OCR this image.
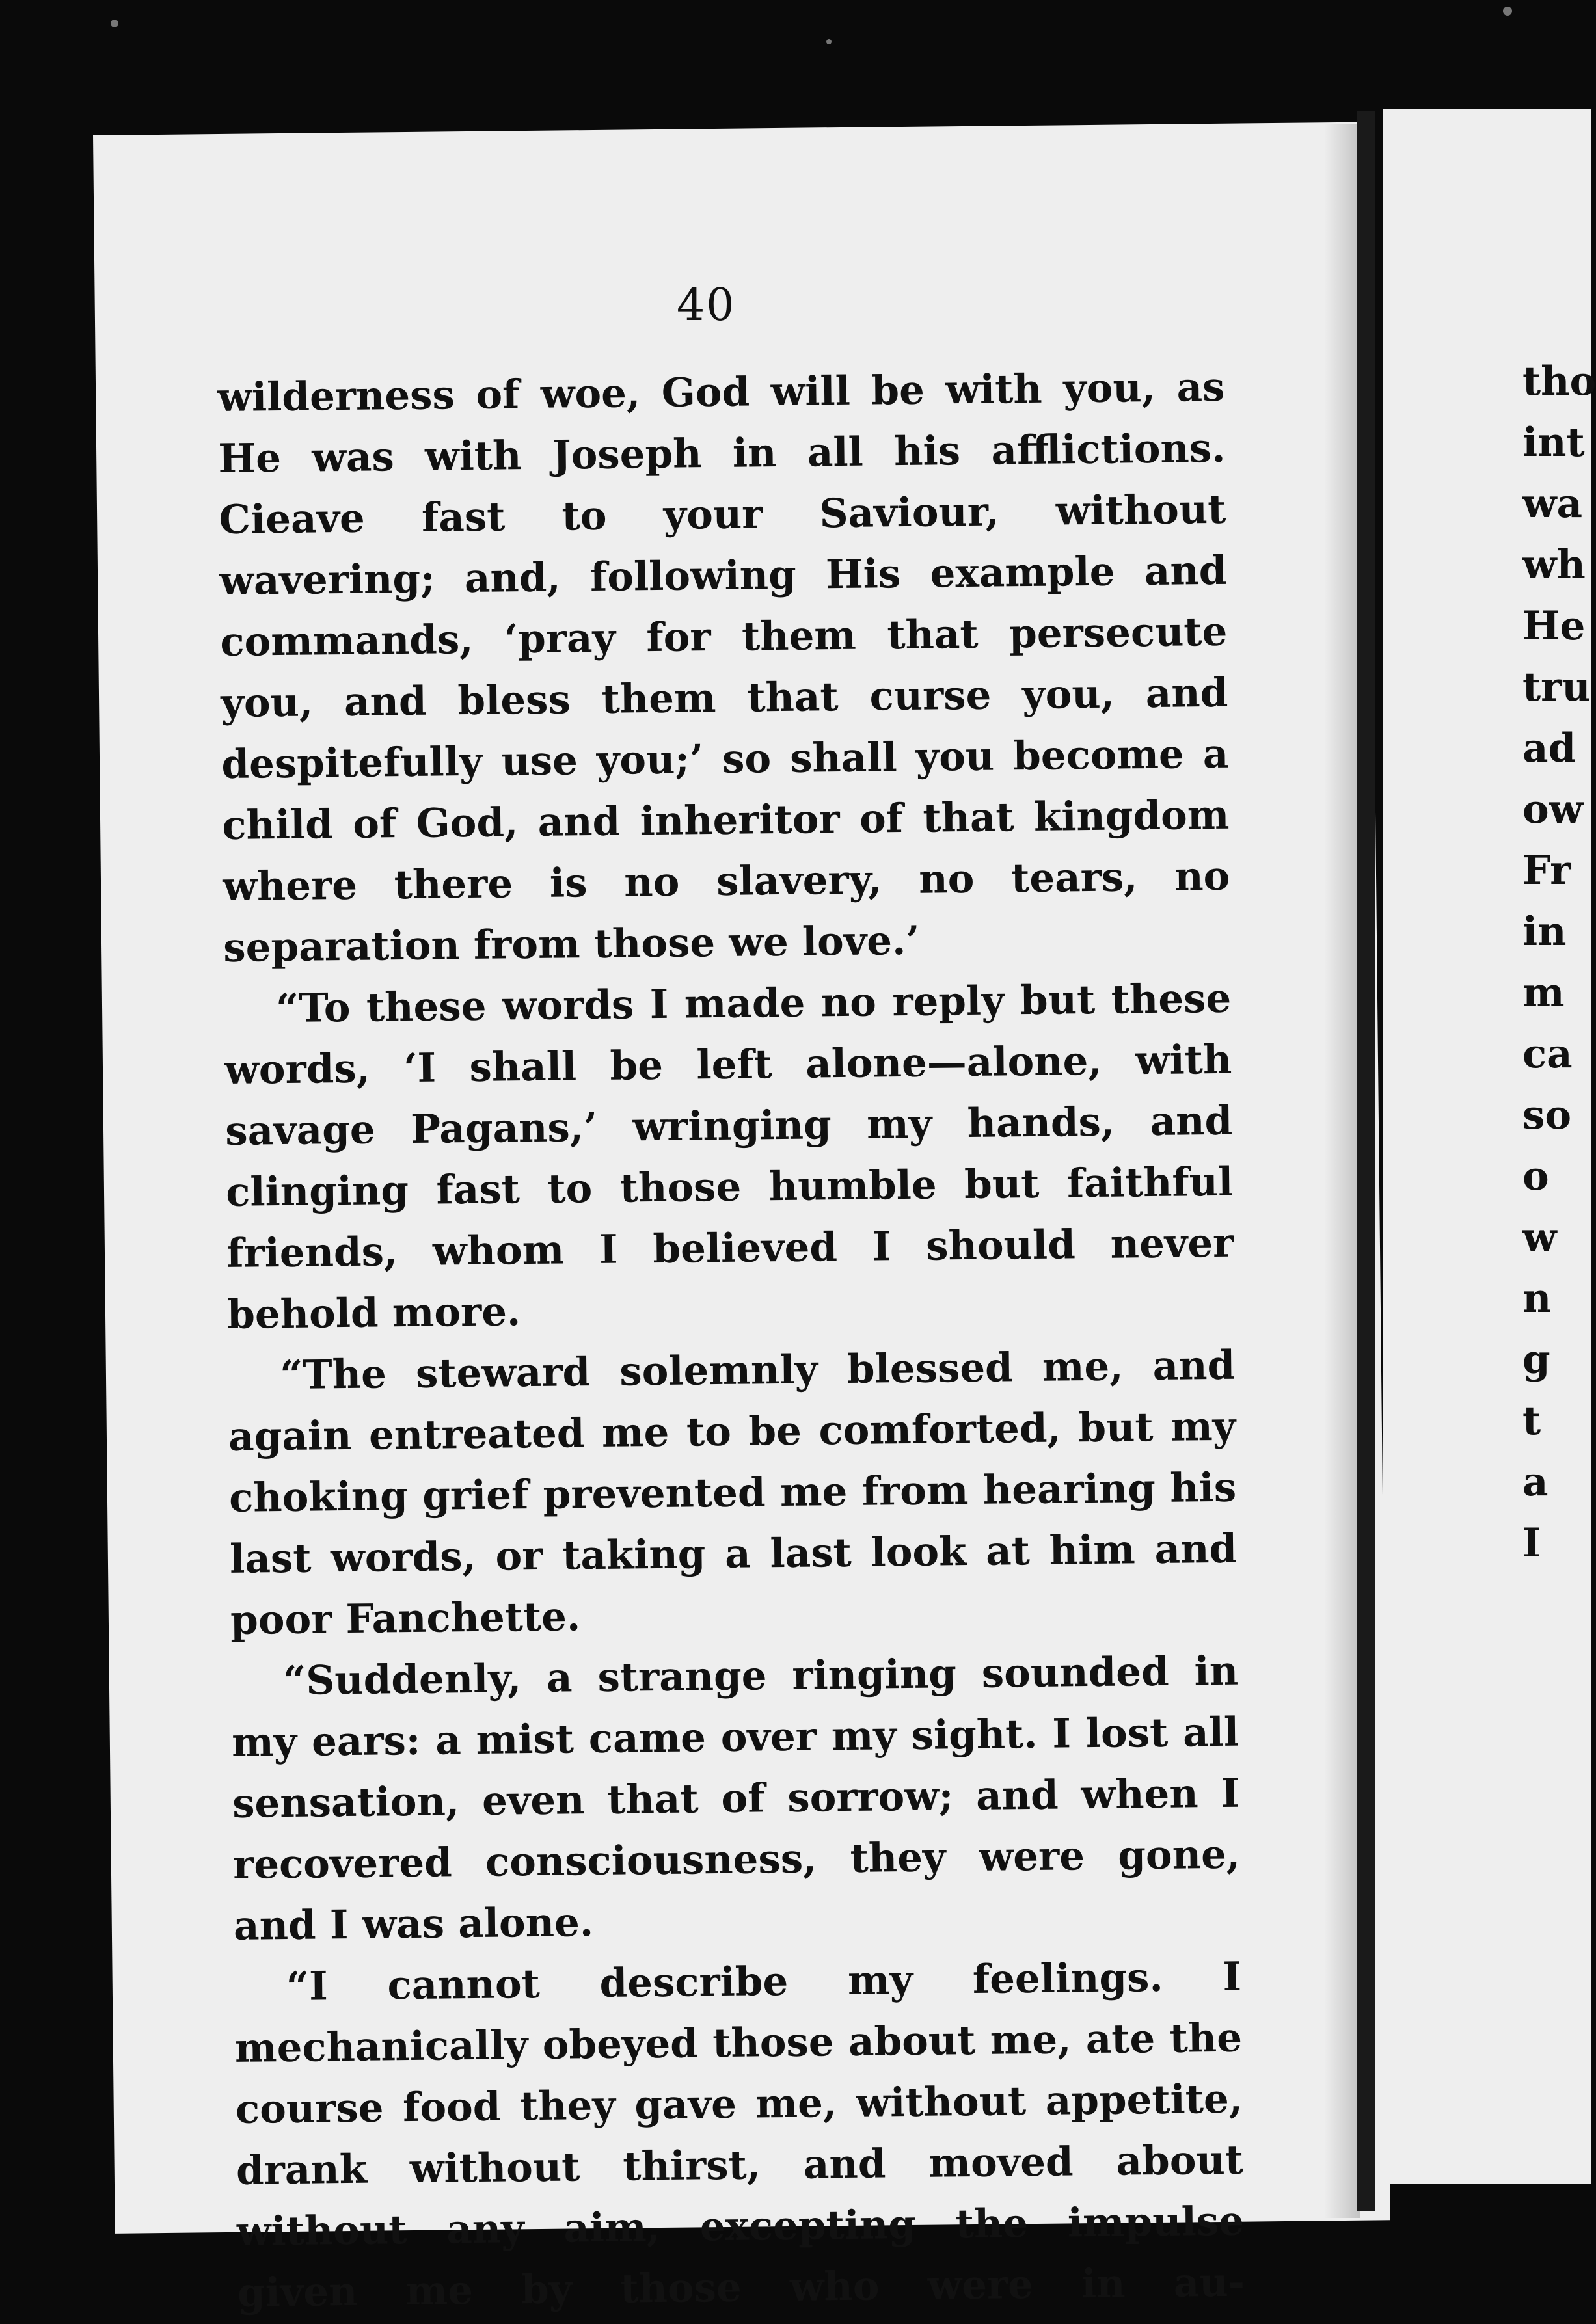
40

wilderness of woe, God will be with you, as He was with Joseph in all his afflictions. Cieave fast to your Saviour, without wavering; and, following His example and commands, ‘pray for them that persecute you, and bless them that curse you, and despitefully use you;’ so shall you become a child of God, and inheritor of that kingdom where there is no slavery, no tears, no separation from those we love.’

“To these words I made no reply but these words, ‘I shall be left alone—alone, with savage Pagans,’ wringing my hands, and clinging fast to those humble but faithful friends, whom I believed I should never behold more.

“The steward solemnly blessed me, and again entreated me to be comforted, but my choking grief prevented me from hearing his last words, or taking a last look at him and poor Fanchette.

“Suddenly, a strange ringing sounded in my ears: a mist came over my sight. I lost all sensation, even that of sorrow; and when I recovered consciousness, they were gone, and I was alone.

“I cannot describe my feelings. I mechanically obeyed those about me, ate the course food they gave me, without appetite, drank without thirst, and moved about without any aim, excepting the impulse given me by those who were in au-

tho
int
wa
wh
He
tru
ad
ow
Fr
in
m
ca
so
o
w
n
g
t
a
I
